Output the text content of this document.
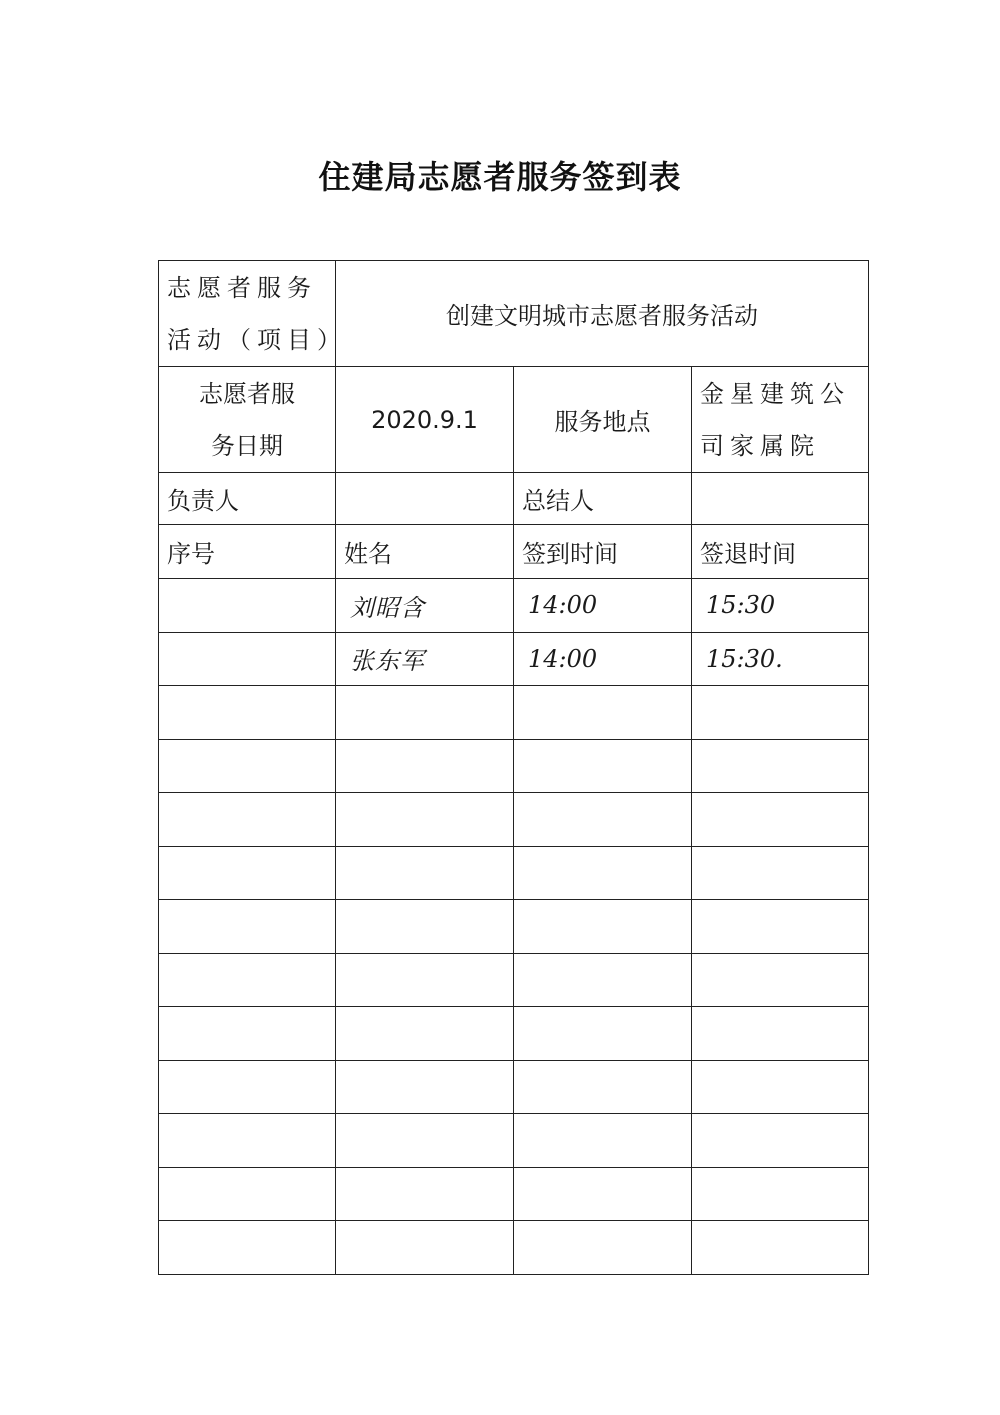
住建局志愿者服务签到表
志愿者服务活动（项目）	创建文明城市志愿者服务活动		
志愿者服务日期	2020.9.1	服务地点	金星建筑公司家属院
负责人		总结人	
序号	姓名	签到时间	签退时间
	刘昭含	14:00	15:30
	张东军	14:00	15:30.
